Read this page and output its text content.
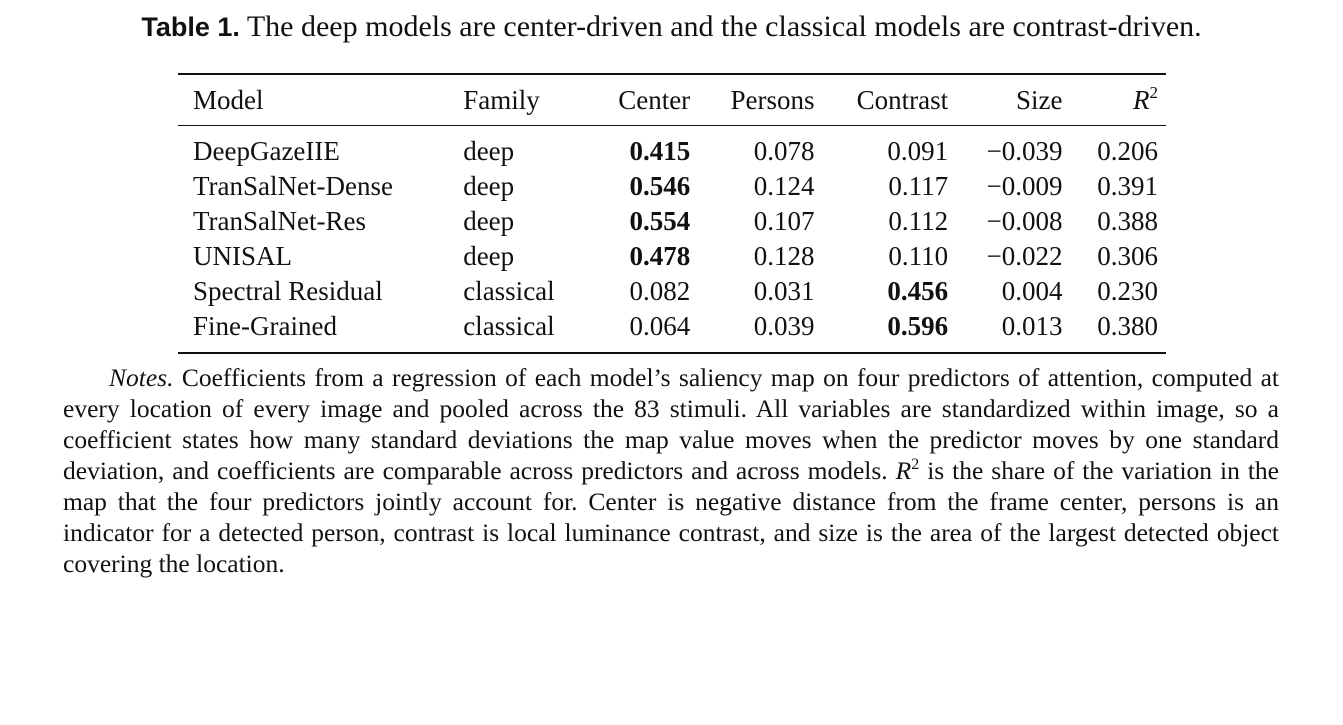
Table 1. The deep models are center-driven and the classical models are contrast-driven.
Model	Family	Center	Persons	Contrast	Size	$R^2$
DeepGazeIIE	deep	0.415	0.078	0.091	−0.039	0.206
TranSalNet-Dense	deep	0.546	0.124	0.117	−0.009	0.391
TranSalNet-Res	deep	0.554	0.107	0.112	−0.008	0.388
UNISAL	deep	0.478	0.128	0.110	−0.022	0.306
Spectral Residual	classical	0.082	0.031	0.456	0.004	0.230
Fine-Grained	classical	0.064	0.039	0.596	0.013	0.380
Notes. Coefficients from a regression of each model’s saliency map on four predictors of attention, computed at every location of every image and pooled across the 83 stimuli. All variables are standardized within image, so a coefficient states how many standard deviations the map value moves when the predictor moves by one standard deviation, and coefficients are comparable across predictors and across models. $R^2$ is the share of the variation in the map that the four predictors jointly account for. Center is negative distance from the frame center, persons is an indicator for a detected person, contrast is local luminance contrast, and size is the area of the largest detected object covering the location.
